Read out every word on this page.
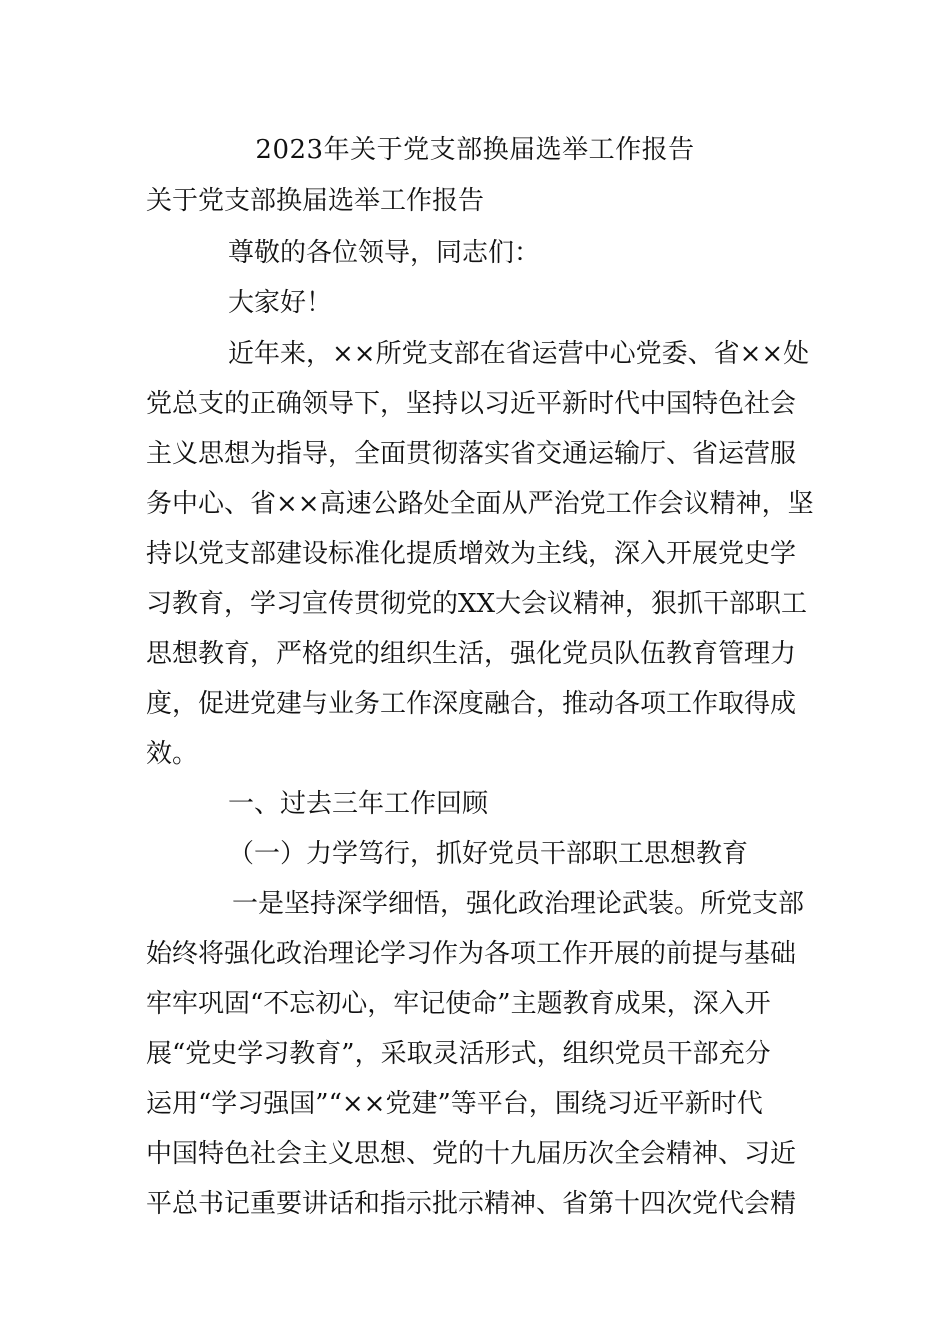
2023年关于党支部换届选举工作报告
关于党支部换届选举工作报告

尊敬的各位领导，同志们：

大家好！

近年来，××所党支部在省运营中心党委、省××处

党总支的正确领导下，坚持以习近平新时代中国特色社会

主义思想为指导，全面贯彻落实省交通运输厅、省运营服

务中心、省××高速公路处全面从严治党工作会议精神，坚

持以党支部建设标准化提质增效为主线，深入开展党史学

习教育，学习宣传贯彻党的XX大会议精神，狠抓干部职工

思想教育，严格党的组织生活，强化党员队伍教育管理力

度，促进党建与业务工作深度融合，推动各项工作取得成

效。

一、过去三年工作回顾

（一）力学笃行，抓好党员干部职工思想教育

一是坚持深学细悟，强化政治理论武装。所党支部

始终将强化政治理论学习作为各项工作开展的前提与基础

牢牢巩固“不忘初心，牢记使命”主题教育成果，深入开

展“党史学习教育”，采取灵活形式，组织党员干部充分

运用“学习强国”“××党建”等平台，围绕习近平新时代

中国特色社会主义思想、党的十九届历次全会精神、习近

平总书记重要讲话和指示批示精神、省第十四次党代会精
